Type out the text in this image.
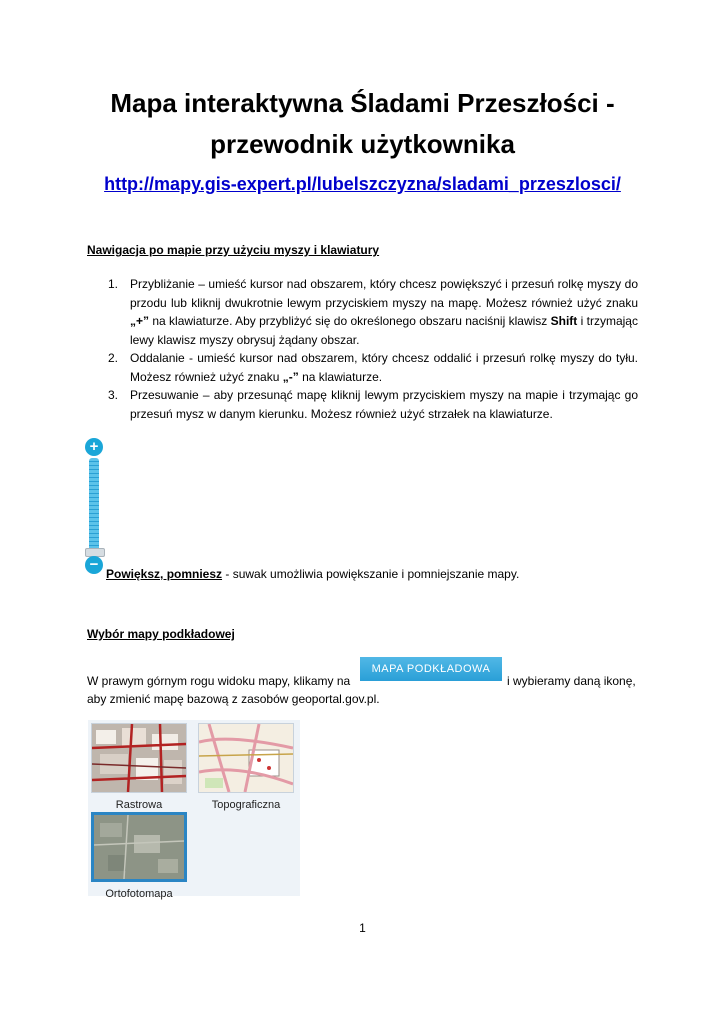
Mapa interaktywna Śladami Przeszłości -
przewodnik użytkownika
http://mapy.gis-expert.pl/lubelszczyzna/sladami_przeszlosci/
Nawigacja po mapie przy użyciu myszy i klawiatury
1. Przybliżanie – umieść kursor nad obszarem, który chcesz powiększyć i przesuń rolkę myszy do przodu lub kliknij dwukrotnie lewym przyciskiem myszy na mapę. Możesz również użyć znaku „+” na klawiaturze. Aby przybliżyć się do określonego obszaru naciśnij klawisz Shift i trzymając lewy klawisz myszy obrysuj żądany obszar.
2. Oddalanie - umieść kursor nad obszarem, który chcesz oddalić i przesuń rolkę myszy do tyłu. Możesz również użyć znaku „-” na klawiaturze.
3. Przesuwanie – aby przesunąć mapę kliknij lewym przyciskiem myszy na mapie i trzymając go przesuń mysz w danym kierunku. Możesz również użyć strzałek na klawiaturze.
+
−
Powiększ, pomniesz - suwak umożliwia powiększanie i pomniejszanie mapy.
Wybór mapy podkładowej
W prawym górnym rogu widoku mapy, klikamy na
MAPA PODKŁADOWA
i wybieramy daną ikonę,
aby zmienić mapę bazową z zasobów geoportal.gov.pl.
Rastrowa	Topograficzna
Ortofotomapa
1
